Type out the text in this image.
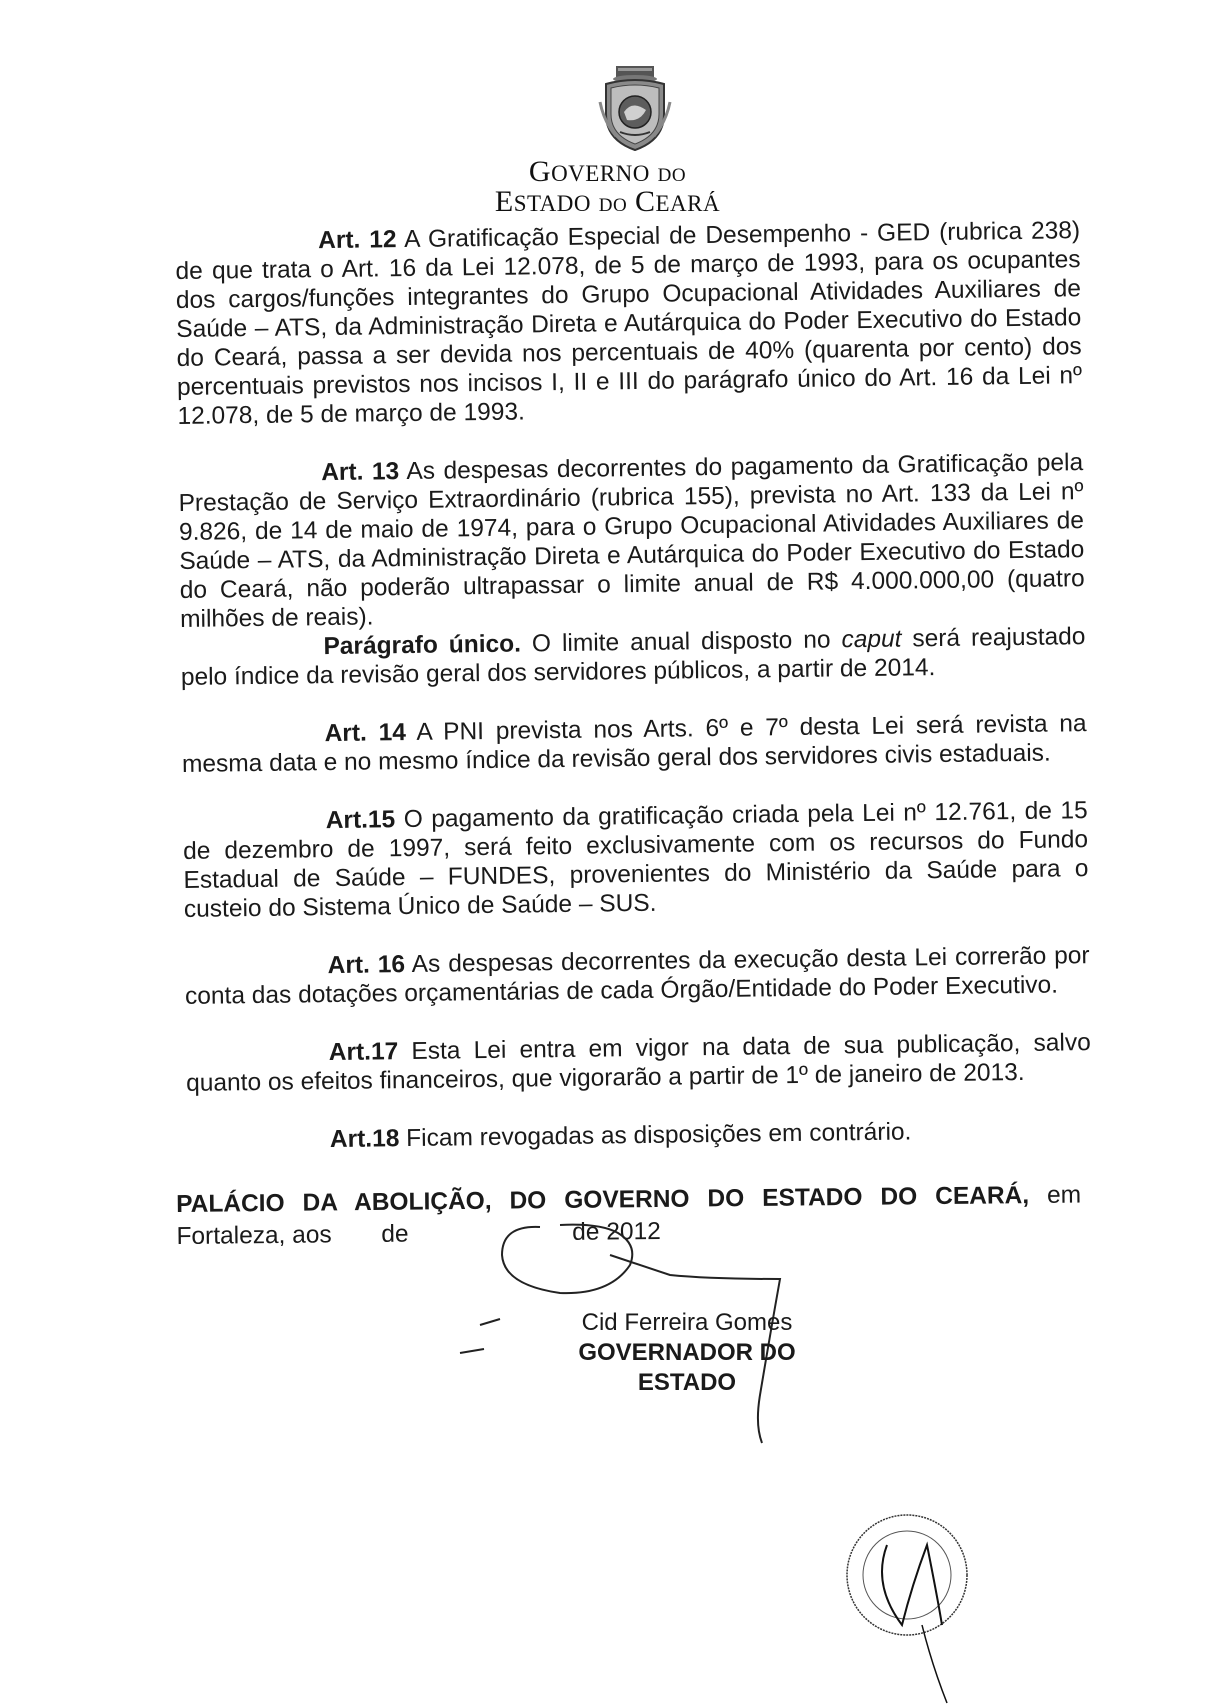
GOVERNO DO
ESTADO DO CEARÁ

Art. 12 A Gratificação Especial de Desempenho - GED (rubrica 238) de que trata o Art. 16 da Lei 12.078, de 5 de março de 1993, para os ocupantes dos cargos/funções integrantes do Grupo Ocupacional Atividades Auxiliares de Saúde – ATS, da Administração Direta e Autárquica do Poder Executivo do Estado do Ceará, passa a ser devida nos percentuais de 40% (quarenta por cento) dos percentuais previstos nos incisos I, II e III do parágrafo único do Art. 16 da Lei nº 12.078, de 5 de março de 1993.

Art. 13 As despesas decorrentes do pagamento da Gratificação pela Prestação de Serviço Extraordinário (rubrica 155), prevista no Art. 133 da Lei nº 9.826, de 14 de maio de 1974, para o Grupo Ocupacional Atividades Auxiliares de Saúde – ATS, da Administração Direta e Autárquica do Poder Executivo do Estado do Ceará, não poderão ultrapassar o limite anual de R$ 4.000.000,00 (quatro milhões de reais).

Parágrafo único. O limite anual disposto no caput será reajustado pelo índice da revisão geral dos servidores públicos, a partir de 2014.

Art. 14 A PNI prevista nos Arts. 6º e 7º desta Lei será revista na mesma data e no mesmo índice da revisão geral dos servidores civis estaduais.

Art.15 O pagamento da gratificação criada pela Lei nº 12.761, de 15 de dezembro de 1997, será feito exclusivamente com os recursos do Fundo Estadual de Saúde – FUNDES, provenientes do Ministério da Saúde para o custeio do Sistema Único de Saúde – SUS.

Art. 16 As despesas decorrentes da execução desta Lei correrão por conta das dotações orçamentárias de cada Órgão/Entidade do Poder Executivo.

Art.17 Esta Lei entra em vigor na data de sua publicação, salvo quanto os efeitos financeiros, que vigorarão a partir de 1º de janeiro de 2013.

Art.18 Ficam revogadas as disposições em contrário.

PALÁCIO DA ABOLIÇÃO, DO GOVERNO DO ESTADO DO CEARÁ, em
Fortaleza, aos de	de 2012
Cid Ferreira Gomes
GOVERNADOR DO ESTADO
